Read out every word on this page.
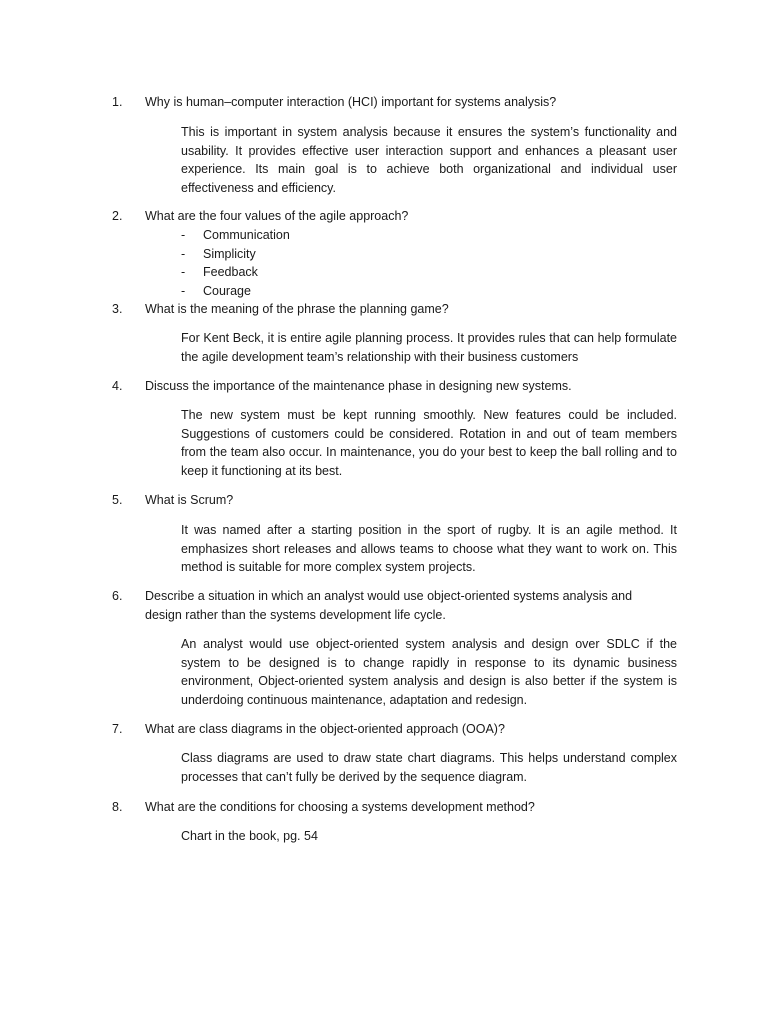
1. Why is human–computer interaction (HCI) important for systems analysis?

This is important in system analysis because it ensures the system’s functionality and usability. It provides effective user interaction support and enhances a pleasant user experience. Its main goal is to achieve both organizational and individual user effectiveness and efficiency.

2. What are the four values of the agile approach?
- Communication
- Simplicity
- Feedback
- Courage
3. What is the meaning of the phrase the planning game?

For Kent Beck, it is entire agile planning process. It provides rules that can help formulate the agile development team’s relationship with their business customers

4. Discuss the importance of the maintenance phase in designing new systems.

The new system must be kept running smoothly. New features could be included. Suggestions of customers could be considered. Rotation in and out of team members from the team also occur. In maintenance, you do your best to keep the ball rolling and to keep it functioning at its best.

5. What is Scrum?

It was named after a starting position in the sport of rugby. It is an agile method. It emphasizes short releases and allows teams to choose what they want to work on. This method is suitable for more complex system projects.

6. Describe a situation in which an analyst would use object-oriented systems analysis and design rather than the systems development life cycle.

An analyst would use object-oriented system analysis and design over SDLC if the system to be designed is to change rapidly in response to its dynamic business environment, Object-oriented system analysis and design is also better if the system is underdoing continuous maintenance, adaptation and redesign.

7. What are class diagrams in the object-oriented approach (OOA)?

Class diagrams are used to draw state chart diagrams. This helps understand complex processes that can’t fully be derived by the sequence diagram.

8. What are the conditions for choosing a systems development method?

Chart in the book, pg. 54
